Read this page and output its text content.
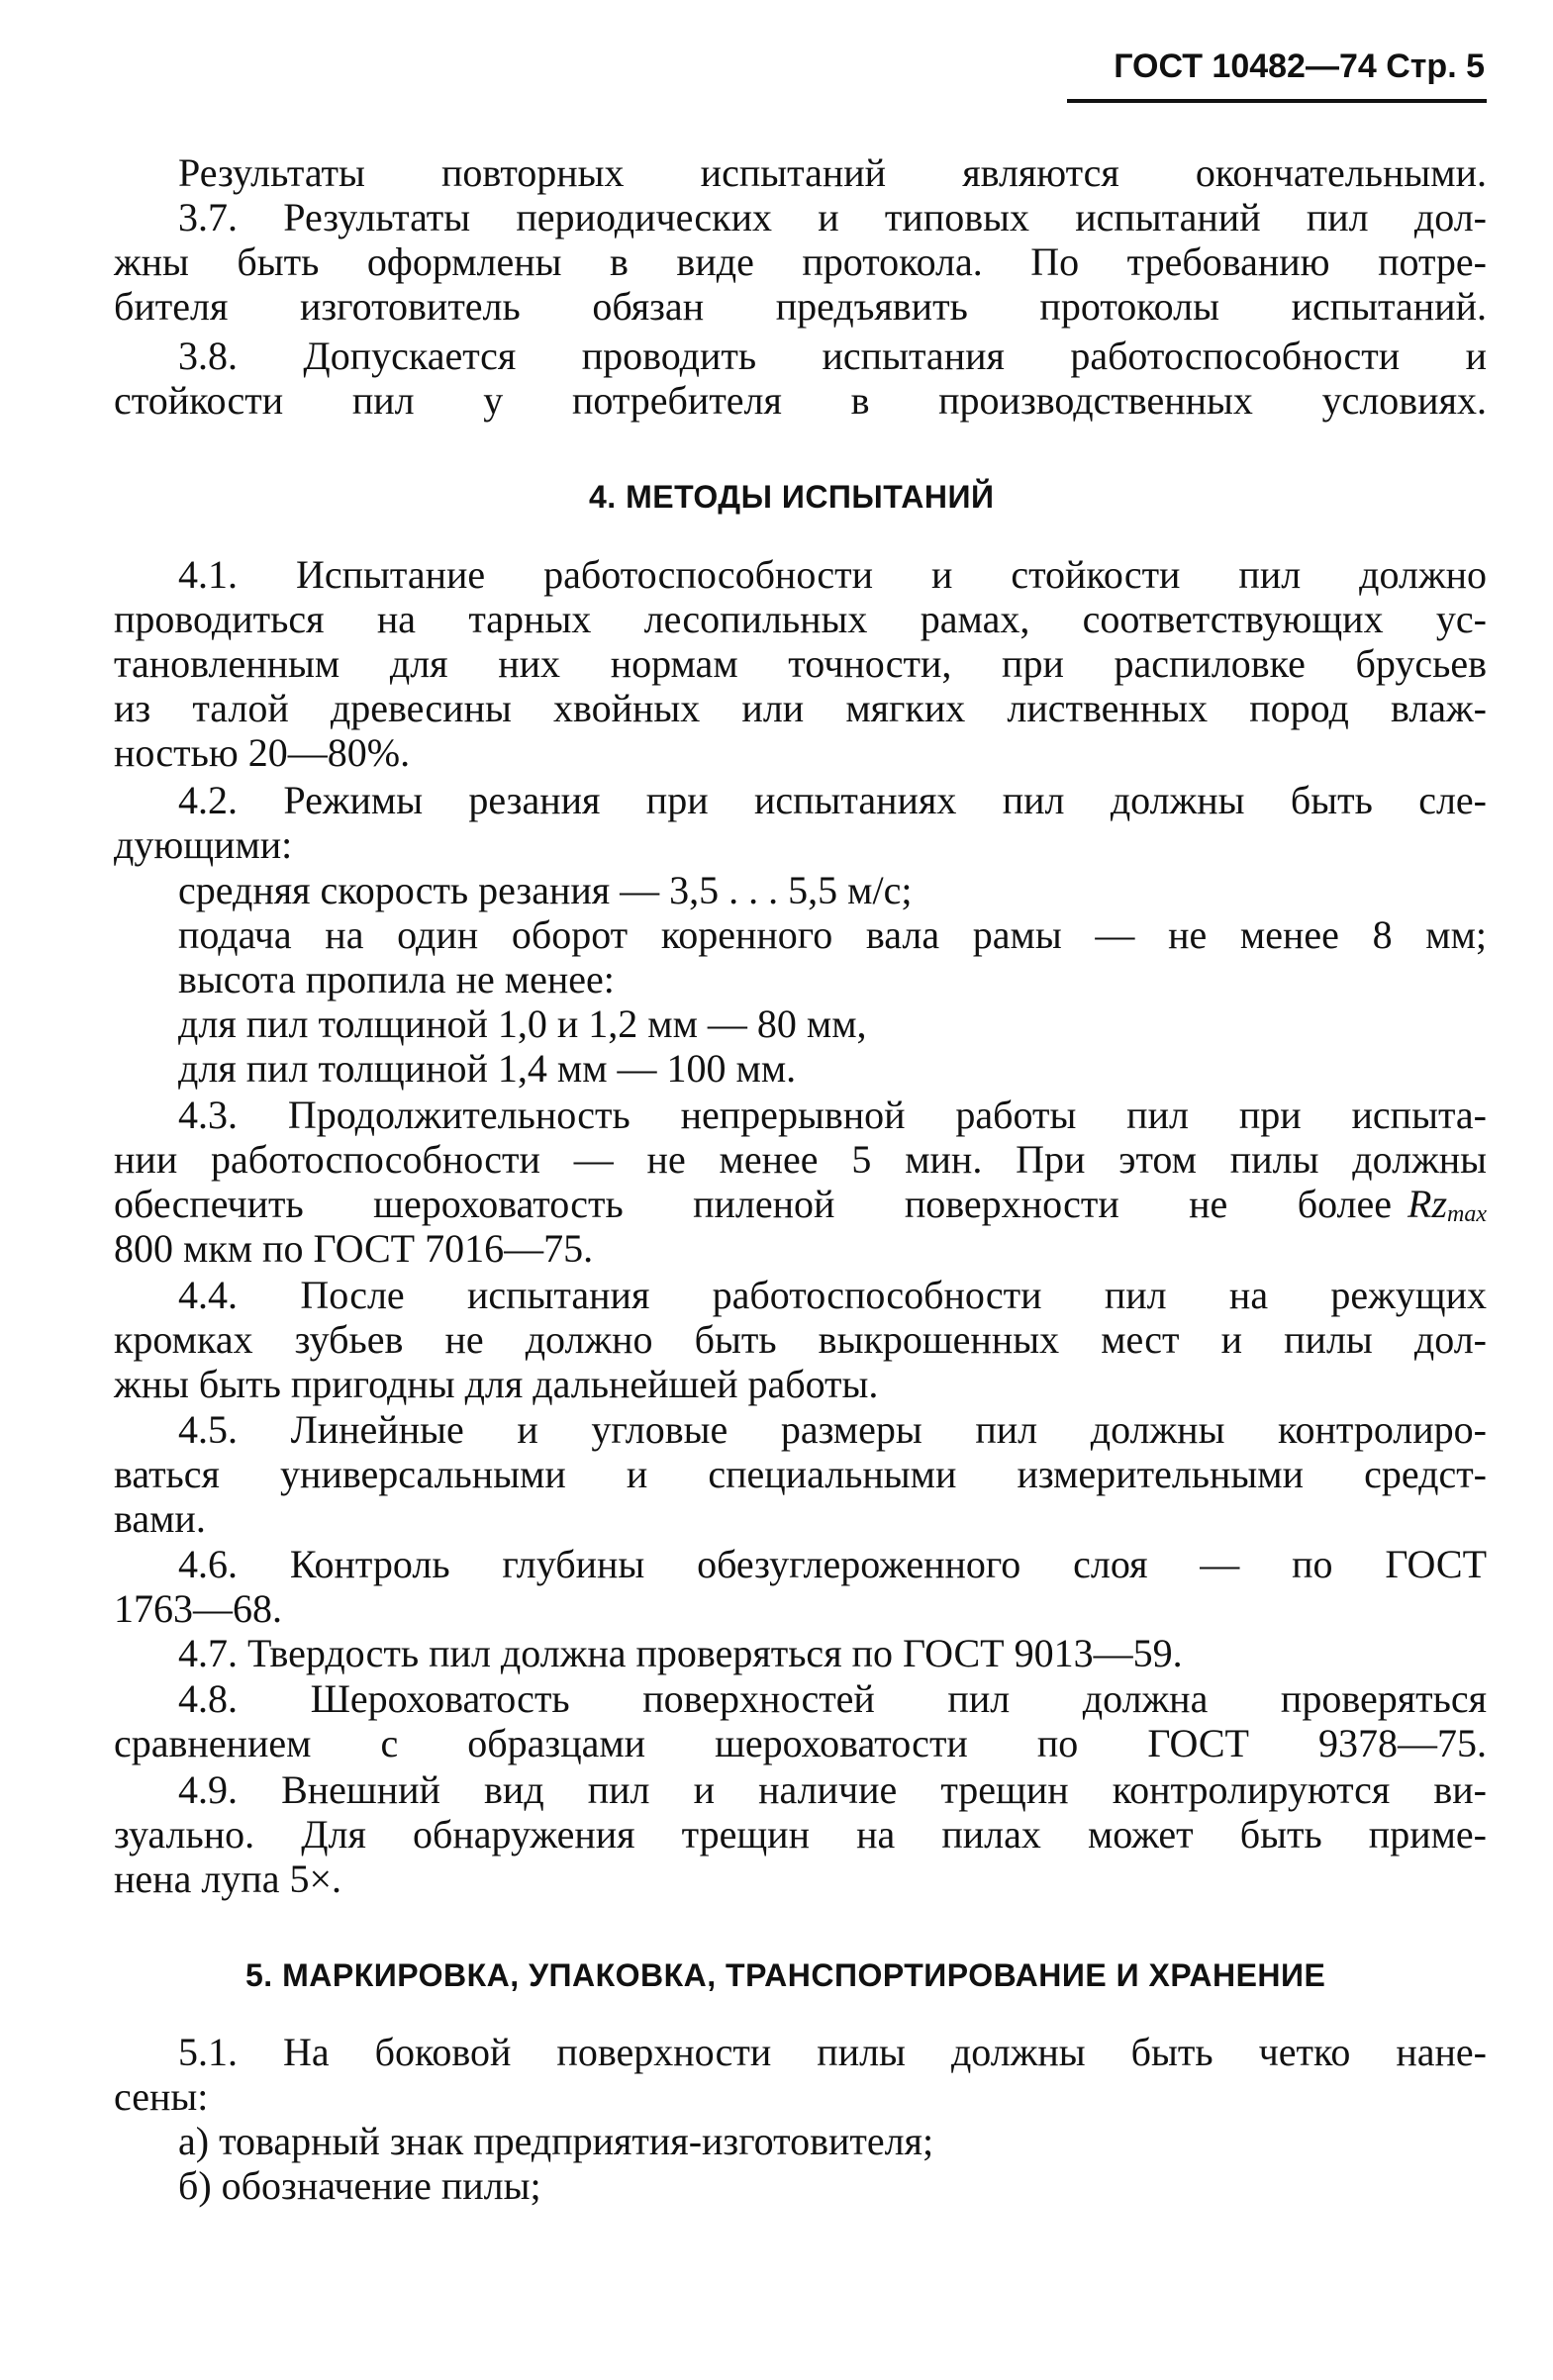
ГОСТ 10482—74 Стр. 5
Результаты повторных испытаний являются окончательными.
3.7. Результаты периодических и типовых испытаний пил дол-
жны быть оформлены в виде протокола. По требованию потре-
бителя изготовитель обязан предъявить протоколы испытаний.
3.8. Допускается проводить испытания работоспособности и
стойкости пил у потребителя в производственных условиях.
4. МЕТОДЫ ИСПЫТАНИЙ
4.1. Испытание работоспособности и стойкости пил должно
проводиться на тарных лесопильных рамах, соответствующих ус-
тановленным для них нормам точности, при распиловке брусьев
из талой древесины хвойных или мягких лиственных пород влаж-
ностью 20—80%.
4.2. Режимы резания при испытаниях пил должны быть сле-
дующими:
средняя скорость резания — 3,5 . . . 5,5 м/с;
подача на один оборот коренного вала рамы — не менее 8 мм;
высота пропила не менее:
для пил толщиной 1,0 и 1,2 мм — 80 мм,
для пил толщиной 1,4 мм — 100 мм.
4.3. Продолжительность непрерывной работы пил при испыта-
нии работоспособности — не менее 5 мин. При этом пилы должны
обеспечить шероховатость пиленой поверхности не более $Rz_{max}$
800 мкм по ГОСТ 7016—75.
4.4. После испытания работоспособности пил на режущих
кромках зубьев не должно быть выкрошенных мест и пилы дол-
жны быть пригодны для дальнейшей работы.
4.5. Линейные и угловые размеры пил должны контролиро-
ваться универсальными и специальными измерительными средст-
вами.
4.6. Контроль глубины обезуглероженного слоя — по ГОСТ
1763—68.
4.7. Твердость пил должна проверяться по ГОСТ 9013—59.
4.8. Шероховатость поверхностей пил должна проверяться
сравнением с образцами шероховатости по ГОСТ 9378—75.
4.9. Внешний вид пил и наличие трещин контролируются ви-
зуально. Для обнаружения трещин на пилах может быть приме-
нена лупа 5×.
5. МАРКИРОВКА, УПАКОВКА, ТРАНСПОРТИРОВАНИЕ И ХРАНЕНИЕ
5.1. На боковой поверхности пилы должны быть четко нане-
сены:
а) товарный знак предприятия-изготовителя;
б) обозначение пилы;
